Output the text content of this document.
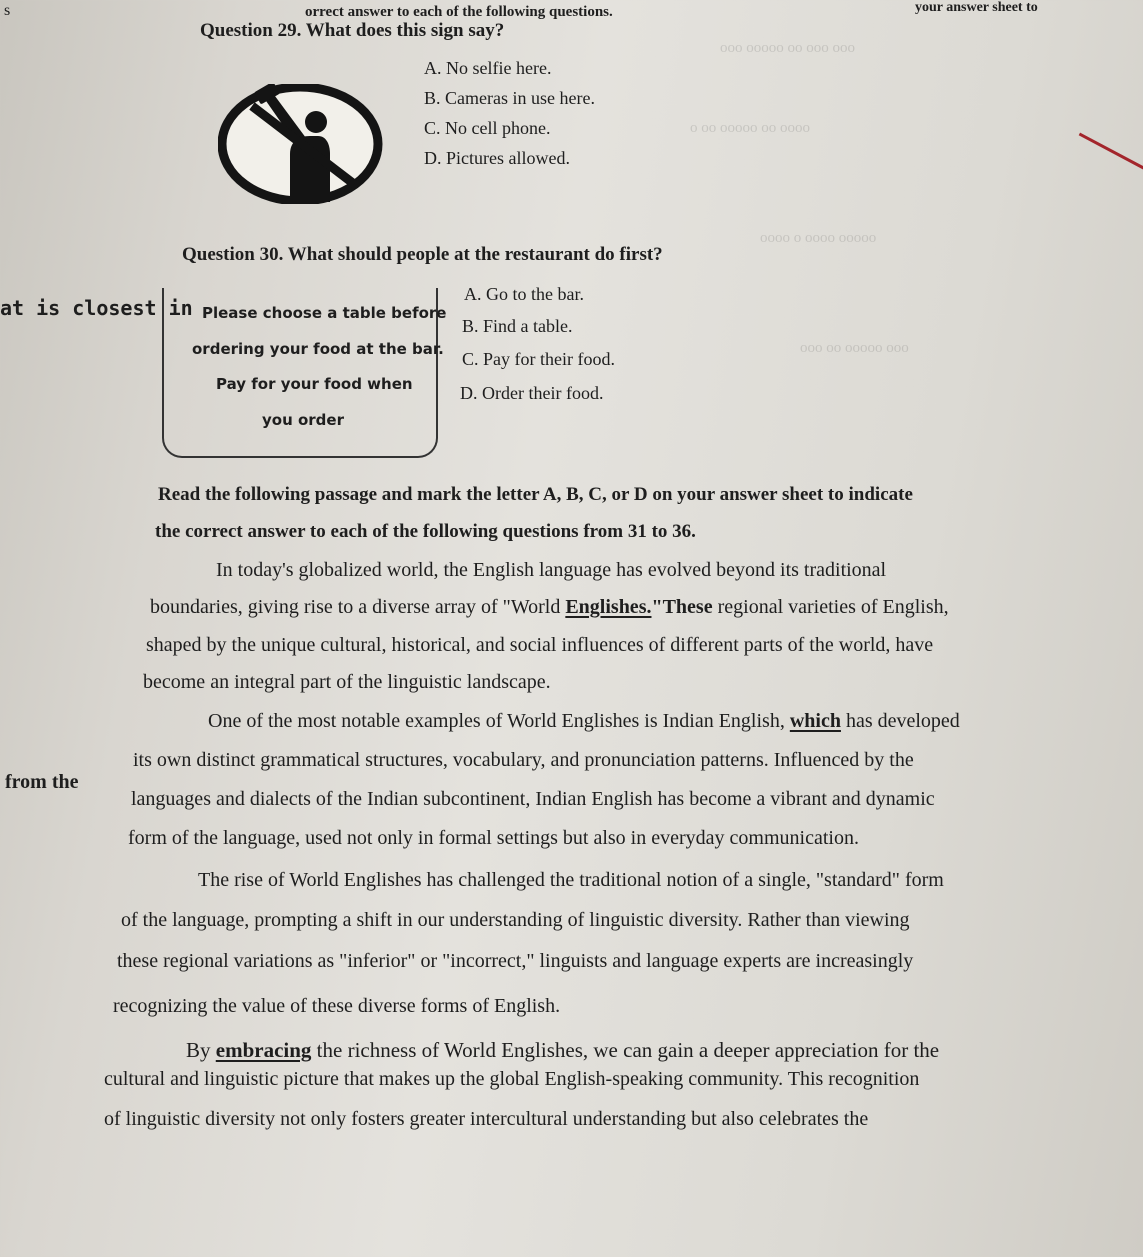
ooo ooo oo ooooo ooo
oooo oo ooooo oo o
ooooo oooo o oooo
ooo ooooo oo ooo
s	orrect answer to each of the following questions.	your answer sheet to
Question 29. What does this sign say?
A. No selfie here.
B. Cameras in use here.
C. No cell phone.
D. Pictures allowed.
Question 30. What should people at the restaurant do first?
at is closest in Please choose a table before
ordering your food at the bar.
Pay for your food when
you order
A. Go to the bar.
B. Find a table.
C. Pay for their food.
D. Order their food.
Read the following passage and mark the letter A, B, C, or D on your answer sheet to indicate
the correct answer to each of the following questions from 31 to 36.
In today's globalized world, the English language has evolved beyond its traditional
boundaries, giving rise to a diverse array of "World Englishes."These regional varieties of English,
shaped by the unique cultural, historical, and social influences of different parts of the world, have
become an integral part of the linguistic landscape.
One of the most notable examples of World Englishes is Indian English, which has developed
its own distinct grammatical structures, vocabulary, and pronunciation patterns. Influenced by the
from the
languages and dialects of the Indian subcontinent, Indian English has become a vibrant and dynamic
form of the language, used not only in formal settings but also in everyday communication.
The rise of World Englishes has challenged the traditional notion of a single, "standard" form
of the language, prompting a shift in our understanding of linguistic diversity. Rather than viewing
these regional variations as "inferior" or "incorrect," linguists and language experts are increasingly
recognizing the value of these diverse forms of English.
By embracing the richness of World Englishes, we can gain a deeper appreciation for the
cultural and linguistic picture that makes up the global English-speaking community. This recognition
of linguistic diversity not only fosters greater intercultural understanding but also celebrates the
